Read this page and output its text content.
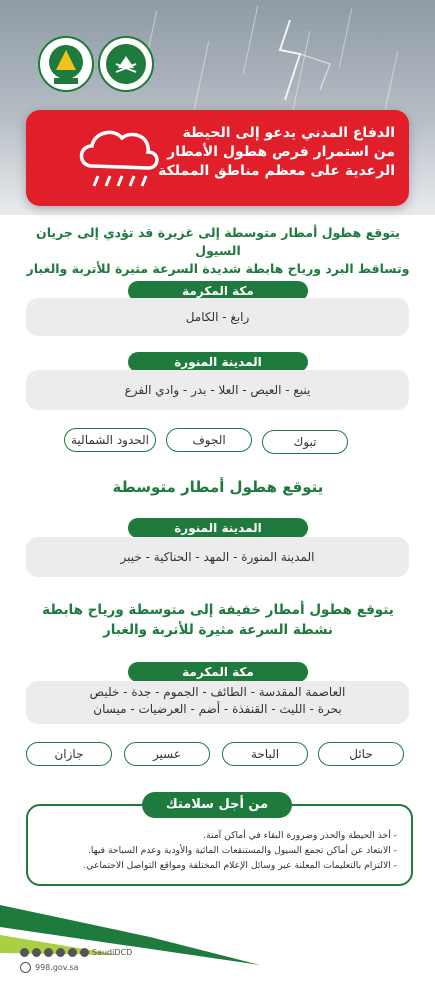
الدفاع المدني يدعو إلى الحيطة
من استمرار فرص هطول الأمطار
الرعدية على معظم مناطق المملكة
يتوقع هطول أمطار متوسطة إلى غزيرة قد تؤدي إلى جريان السيول
وتساقط البرد ورياح هابطة شديدة السرعة مثيرة للأتربة والغبار
مكة المكرمة
رابغ - الكامل
المدينة المنورة
ينبع - العيص - العلا - بدر - وادي الفرع
تبوك
الجوف
الحدود الشمالية
يتوقع هطول أمطار متوسطة
المدينة المنورة
المدينة المنورة - المهد - الحناكية - خيبر
يتوقع هطول أمطار خفيفة إلى متوسطة ورياح هابطة
نشطة السرعة مثيرة للأتربة والغبار
مكة المكرمة
العاصمة المقدسة - الطائف - الجموم - جدة - خليص
بحرة - الليث - القنفذة - أضم - العرضيات - ميسان
حائل
الباحة
عسير
جازان
من أجل سلامتك
- أخذ الحيطة والحذر وضرورة البقاء في أماكن آمنة.
- الابتعاد عن أماكن تجمع السيول والمستنقعات المائية والأودية وعدم السباحة فيها.
- الالتزام بالتعليمات المعلنة عبر وسائل الإعلام المختلفة ومواقع التواصل الاجتماعي.
SaudiDCD
998.gov.sa
